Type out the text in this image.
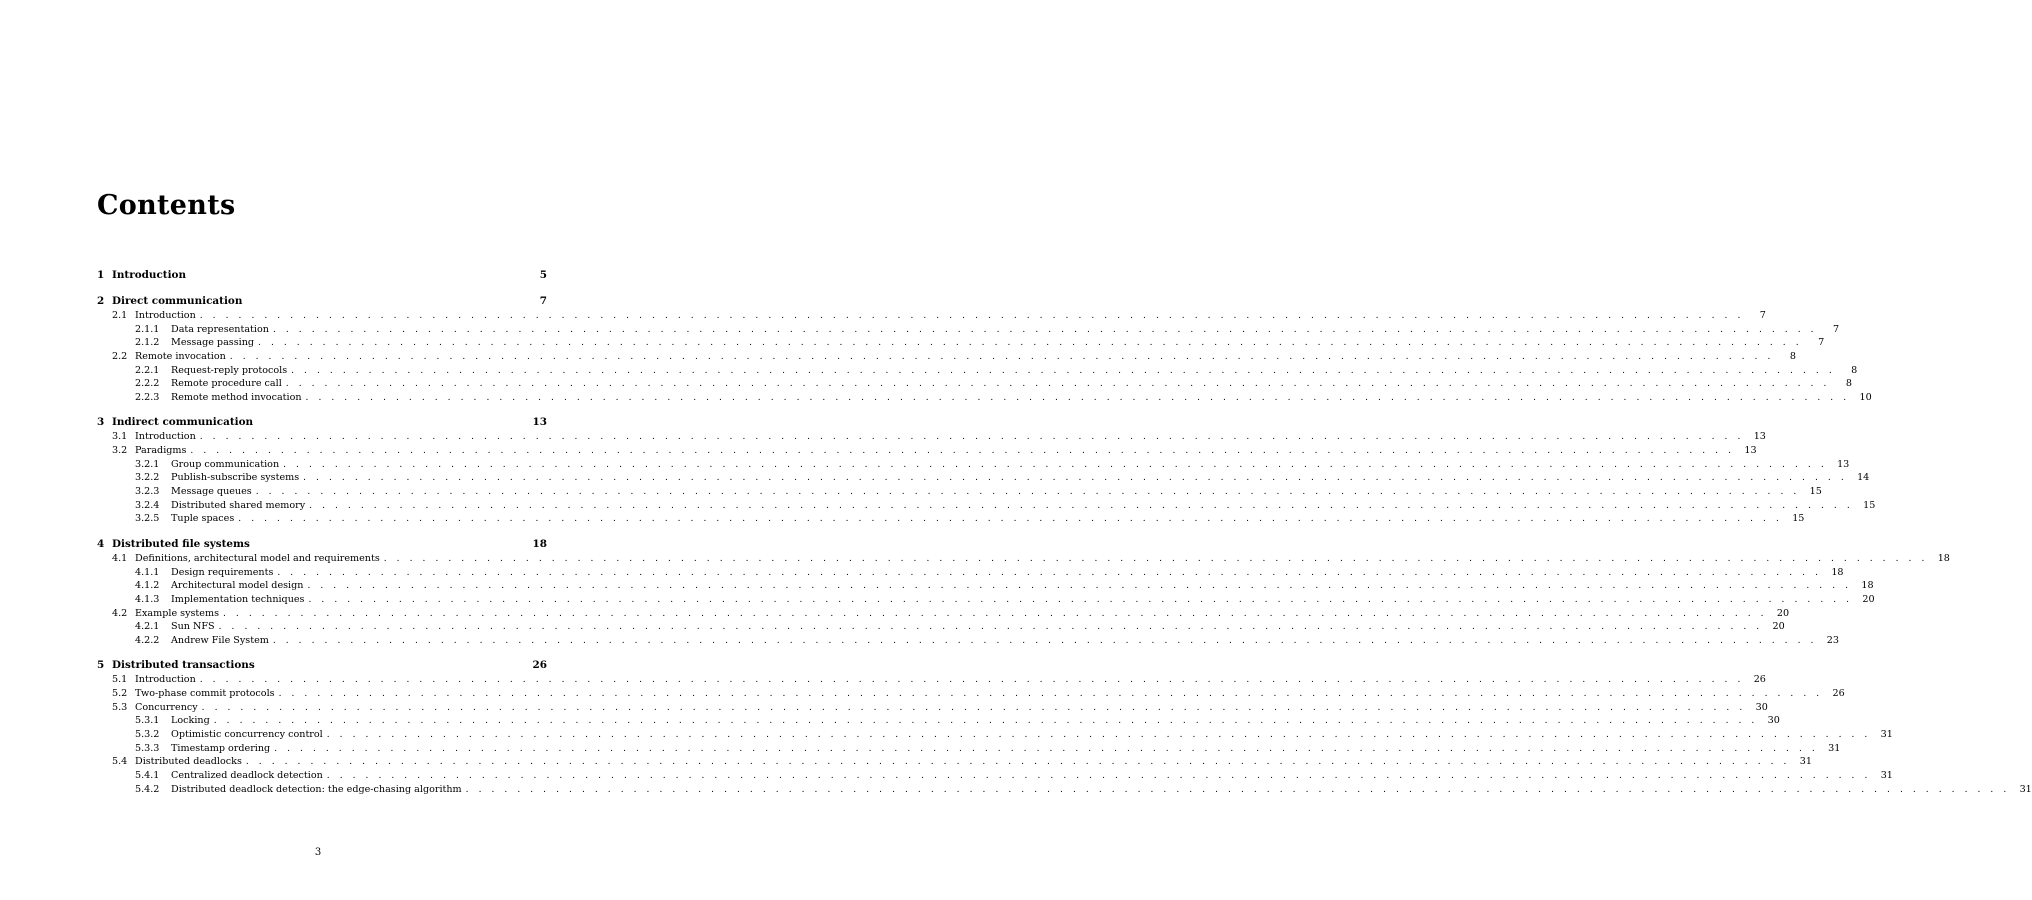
Contents
1 Introduction	5
2 Direct communication	7
2.1 Introduction . . . . . . . . . . . . . . . . . . . . . . . . . . . . . . . . . . . . . . . . . . . . . . . . . . . . . . . . . . . . . . . . . . . . . . . . . . . . . . . . . . . . . . . . . . . . . . . . . . . . . . . . . . . . . . . . . . . . . . . .	7
2.1.1	Data representation . . . . . . . . . . . . . . . . . . . . . . . . . . . . . . . . . . . . . . . . . . . . . . . . . . . . . . . . . . . . . . . . . . . . . . . . . . . . . . . . . . . . . . . . . . . . . . . . . . . . . . . . . . . . . . . . . . . . . . . .	7
2.1.2	Message passing . . . . . . . . . . . . . . . . . . . . . . . . . . . . . . . . . . . . . . . . . . . . . . . . . . . . . . . . . . . . . . . . . . . . . . . . . . . . . . . . . . . . . . . . . . . . . . . . . . . . . . . . . . . . . . . . . . . . . . . .	7
2.2 Remote invocation . . . . . . . . . . . . . . . . . . . . . . . . . . . . . . . . . . . . . . . . . . . . . . . . . . . . . . . . . . . . . . . . . . . . . . . . . . . . . . . . . . . . . . . . . . . . . . . . . . . . . . . . . . . . . . . . . . . . . . . .	8
2.2.1	Request-reply protocols . . . . . . . . . . . . . . . . . . . . . . . . . . . . . . . . . . . . . . . . . . . . . . . . . . . . . . . . . . . . . . . . . . . . . . . . . . . . . . . . . . . . . . . . . . . . . . . . . . . . . . . . . . . . . . . . . . . . . . . .	8
2.2.2	Remote procedure call . . . . . . . . . . . . . . . . . . . . . . . . . . . . . . . . . . . . . . . . . . . . . . . . . . . . . . . . . . . . . . . . . . . . . . . . . . . . . . . . . . . . . . . . . . . . . . . . . . . . . . . . . . . . . . . . . . . . . . . .	8
2.2.3	Remote method invocation . . . . . . . . . . . . . . . . . . . . . . . . . . . . . . . . . . . . . . . . . . . . . . . . . . . . . . . . . . . . . . . . . . . . . . . . . . . . . . . . . . . . . . . . . . . . . . . . . . . . . . . . . . . . . . . . . . . . . . . .	10
3 Indirect communication	13
3.1 Introduction . . . . . . . . . . . . . . . . . . . . . . . . . . . . . . . . . . . . . . . . . . . . . . . . . . . . . . . . . . . . . . . . . . . . . . . . . . . . . . . . . . . . . . . . . . . . . . . . . . . . . . . . . . . . . . . . . . . . . . . .	13
3.2 Paradigms . . . . . . . . . . . . . . . . . . . . . . . . . . . . . . . . . . . . . . . . . . . . . . . . . . . . . . . . . . . . . . . . . . . . . . . . . . . . . . . . . . . . . . . . . . . . . . . . . . . . . . . . . . . . . . . . . . . . . . . .	13
3.2.1	Group communication . . . . . . . . . . . . . . . . . . . . . . . . . . . . . . . . . . . . . . . . . . . . . . . . . . . . . . . . . . . . . . . . . . . . . . . . . . . . . . . . . . . . . . . . . . . . . . . . . . . . . . . . . . . . . . . . . . . . . . . .	13
3.2.2	Publish-subscribe systems . . . . . . . . . . . . . . . . . . . . . . . . . . . . . . . . . . . . . . . . . . . . . . . . . . . . . . . . . . . . . . . . . . . . . . . . . . . . . . . . . . . . . . . . . . . . . . . . . . . . . . . . . . . . . . . . . . . . . . . .	14
3.2.3	Message queues . . . . . . . . . . . . . . . . . . . . . . . . . . . . . . . . . . . . . . . . . . . . . . . . . . . . . . . . . . . . . . . . . . . . . . . . . . . . . . . . . . . . . . . . . . . . . . . . . . . . . . . . . . . . . . . . . . . . . . . .	15
3.2.4	Distributed shared memory . . . . . . . . . . . . . . . . . . . . . . . . . . . . . . . . . . . . . . . . . . . . . . . . . . . . . . . . . . . . . . . . . . . . . . . . . . . . . . . . . . . . . . . . . . . . . . . . . . . . . . . . . . . . . . . . . . . . . . . .	15
3.2.5	Tuple spaces . . . . . . . . . . . . . . . . . . . . . . . . . . . . . . . . . . . . . . . . . . . . . . . . . . . . . . . . . . . . . . . . . . . . . . . . . . . . . . . . . . . . . . . . . . . . . . . . . . . . . . . . . . . . . . . . . . . . . . . .	15
4 Distributed file systems	18
4.1 Definitions, architectural model and requirements . . . . . . . . . . . . . . . . . . . . . . . . . . . . . . . . . . . . . . . . . . . . . . . . . . . . . . . . . . . . . . . . . . . . . . . . . . . . . . . . . . . . . . . . . . . . . . . . . . . . . . . . . . . . . . . . . . . . . . . .	18
4.1.1	Design requirements . . . . . . . . . . . . . . . . . . . . . . . . . . . . . . . . . . . . . . . . . . . . . . . . . . . . . . . . . . . . . . . . . . . . . . . . . . . . . . . . . . . . . . . . . . . . . . . . . . . . . . . . . . . . . . . . . . . . . . . .	18
4.1.2	Architectural model design . . . . . . . . . . . . . . . . . . . . . . . . . . . . . . . . . . . . . . . . . . . . . . . . . . . . . . . . . . . . . . . . . . . . . . . . . . . . . . . . . . . . . . . . . . . . . . . . . . . . . . . . . . . . . . . . . . . . . . . .	18
4.1.3	Implementation techniques . . . . . . . . . . . . . . . . . . . . . . . . . . . . . . . . . . . . . . . . . . . . . . . . . . . . . . . . . . . . . . . . . . . . . . . . . . . . . . . . . . . . . . . . . . . . . . . . . . . . . . . . . . . . . . . . . . . . . . . .	20
4.2 Example systems . . . . . . . . . . . . . . . . . . . . . . . . . . . . . . . . . . . . . . . . . . . . . . . . . . . . . . . . . . . . . . . . . . . . . . . . . . . . . . . . . . . . . . . . . . . . . . . . . . . . . . . . . . . . . . . . . . . . . . . .	20
4.2.1	Sun NFS . . . . . . . . . . . . . . . . . . . . . . . . . . . . . . . . . . . . . . . . . . . . . . . . . . . . . . . . . . . . . . . . . . . . . . . . . . . . . . . . . . . . . . . . . . . . . . . . . . . . . . . . . . . . . . . . . . . . . . . .	20
4.2.2	Andrew File System . . . . . . . . . . . . . . . . . . . . . . . . . . . . . . . . . . . . . . . . . . . . . . . . . . . . . . . . . . . . . . . . . . . . . . . . . . . . . . . . . . . . . . . . . . . . . . . . . . . . . . . . . . . . . . . . . . . . . . . .	23
5 Distributed transactions	26
5.1 Introduction . . . . . . . . . . . . . . . . . . . . . . . . . . . . . . . . . . . . . . . . . . . . . . . . . . . . . . . . . . . . . . . . . . . . . . . . . . . . . . . . . . . . . . . . . . . . . . . . . . . . . . . . . . . . . . . . . . . . . . . .	26
5.2 Two-phase commit protocols . . . . . . . . . . . . . . . . . . . . . . . . . . . . . . . . . . . . . . . . . . . . . . . . . . . . . . . . . . . . . . . . . . . . . . . . . . . . . . . . . . . . . . . . . . . . . . . . . . . . . . . . . . . . . . . . . . . . . . . .	26
5.3 Concurrency . . . . . . . . . . . . . . . . . . . . . . . . . . . . . . . . . . . . . . . . . . . . . . . . . . . . . . . . . . . . . . . . . . . . . . . . . . . . . . . . . . . . . . . . . . . . . . . . . . . . . . . . . . . . . . . . . . . . . . . .	30
5.3.1	Locking . . . . . . . . . . . . . . . . . . . . . . . . . . . . . . . . . . . . . . . . . . . . . . . . . . . . . . . . . . . . . . . . . . . . . . . . . . . . . . . . . . . . . . . . . . . . . . . . . . . . . . . . . . . . . . . . . . . . . . . .	30
5.3.2	Optimistic concurrency control . . . . . . . . . . . . . . . . . . . . . . . . . . . . . . . . . . . . . . . . . . . . . . . . . . . . . . . . . . . . . . . . . . . . . . . . . . . . . . . . . . . . . . . . . . . . . . . . . . . . . . . . . . . . . . . . . . . . . . . .	31
5.3.3	Timestamp ordering . . . . . . . . . . . . . . . . . . . . . . . . . . . . . . . . . . . . . . . . . . . . . . . . . . . . . . . . . . . . . . . . . . . . . . . . . . . . . . . . . . . . . . . . . . . . . . . . . . . . . . . . . . . . . . . . . . . . . . . .	31
5.4 Distributed deadlocks . . . . . . . . . . . . . . . . . . . . . . . . . . . . . . . . . . . . . . . . . . . . . . . . . . . . . . . . . . . . . . . . . . . . . . . . . . . . . . . . . . . . . . . . . . . . . . . . . . . . . . . . . . . . . . . . . . . . . . . .	31
5.4.1	Centralized deadlock detection . . . . . . . . . . . . . . . . . . . . . . . . . . . . . . . . . . . . . . . . . . . . . . . . . . . . . . . . . . . . . . . . . . . . . . . . . . . . . . . . . . . . . . . . . . . . . . . . . . . . . . . . . . . . . . . . . . . . . . . .	31
5.4.2	Distributed deadlock detection: the edge-chasing algorithm . . . . . . . . . . . . . . . . . . . . . . . . . . . . . . . . . . . . . . . . . . . . . . . . . . . . . . . . . . . . . . . . . . . . . . . . . . . . . . . . . . . . . . . . . . . . . . . . . . . . . . . . . . . . . . . . . . . . . . . .	31
3
